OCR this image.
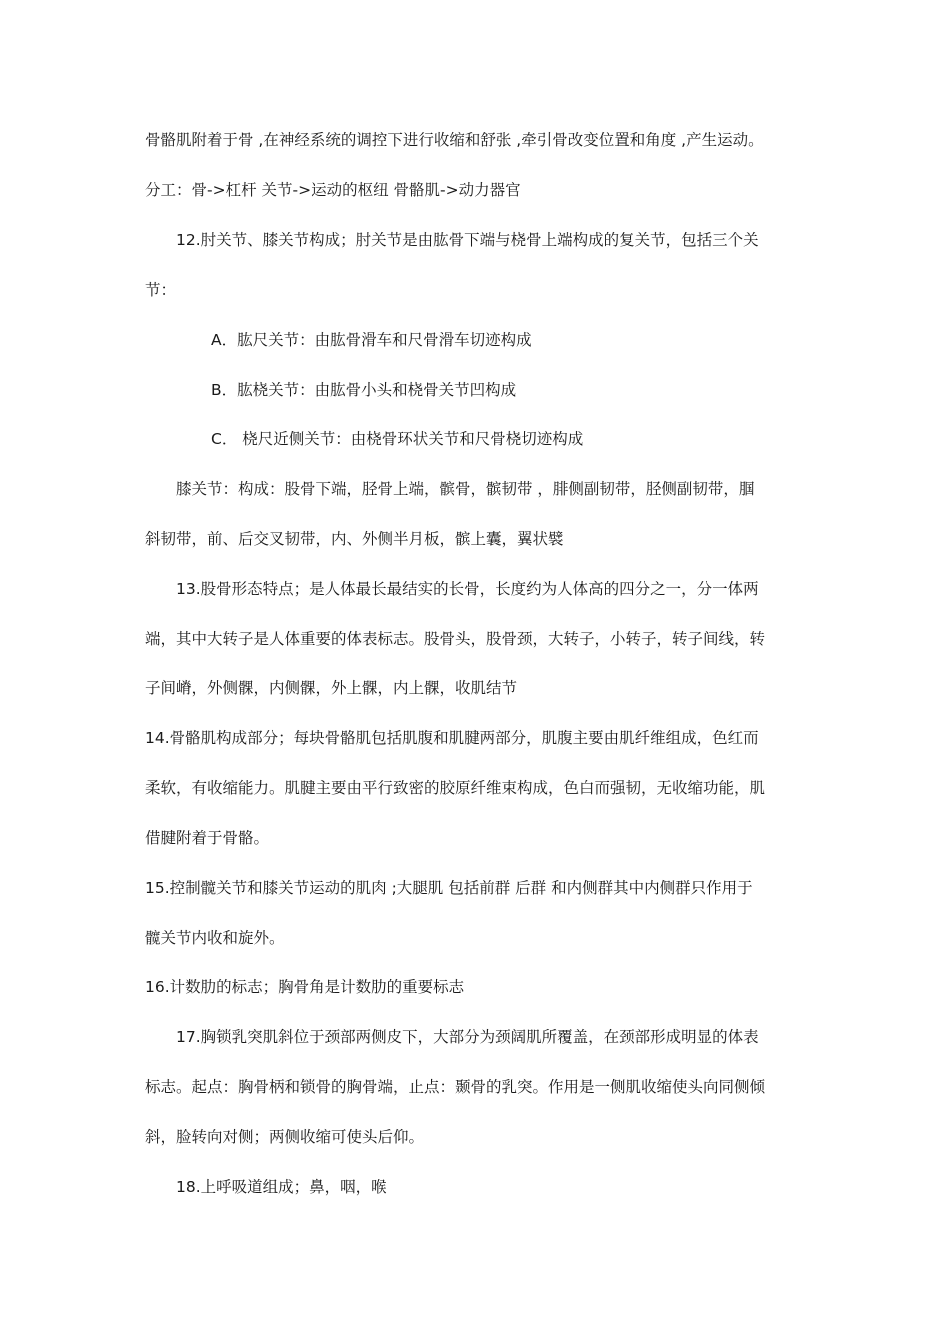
骨骼肌附着于骨 ,在神经系统的调控下进行收缩和舒张 ,牵引骨改变位置和角度 ,产生运动。
分工：骨->杠杆 关节->运动的枢纽 骨骼肌->动力器官
12.肘关节、膝关节构成；肘关节是由肱骨下端与桡骨上端构成的复关节，包括三个关
节：
A．肱尺关节：由肱骨滑车和尺骨滑车切迹构成
B．肱桡关节：由肱骨小头和桡骨关节凹构成
C． 桡尺近侧关节：由桡骨环状关节和尺骨桡切迹构成
膝关节：构成：股骨下端，胫骨上端，髌骨，髌韧带 ，腓侧副韧带，胫侧副韧带，腘
斜韧带，前、后交叉韧带，内、外侧半月板，髌上囊，翼状襞
13.股骨形态特点；是人体最长最结实的长骨，长度约为人体高的四分之一，分一体两
端，其中大转子是人体重要的体表标志。股骨头，股骨颈，大转子，小转子，转子间线，转
子间嵴，外侧髁，内侧髁，外上髁，内上髁，收肌结节
14.骨骼肌构成部分；每块骨骼肌包括肌腹和肌腱两部分，肌腹主要由肌纤维组成，色红而
柔软，有收缩能力。肌腱主要由平行致密的胶原纤维束构成，色白而强韧，无收缩功能，肌
借腱附着于骨骼。
15.控制髋关节和膝关节运动的肌肉 ;大腿肌 包括前群 后群 和内侧群其中内侧群只作用于
髋关节内收和旋外。
16.计数肋的标志；胸骨角是计数肋的重要标志
17.胸锁乳突肌斜位于颈部两侧皮下，大部分为颈阔肌所覆盖，在颈部形成明显的体表
标志。起点：胸骨柄和锁骨的胸骨端，止点：颞骨的乳突。作用是一侧肌收缩使头向同侧倾
斜，脸转向对侧；两侧收缩可使头后仰。
18.上呼吸道组成；鼻，咽，喉
